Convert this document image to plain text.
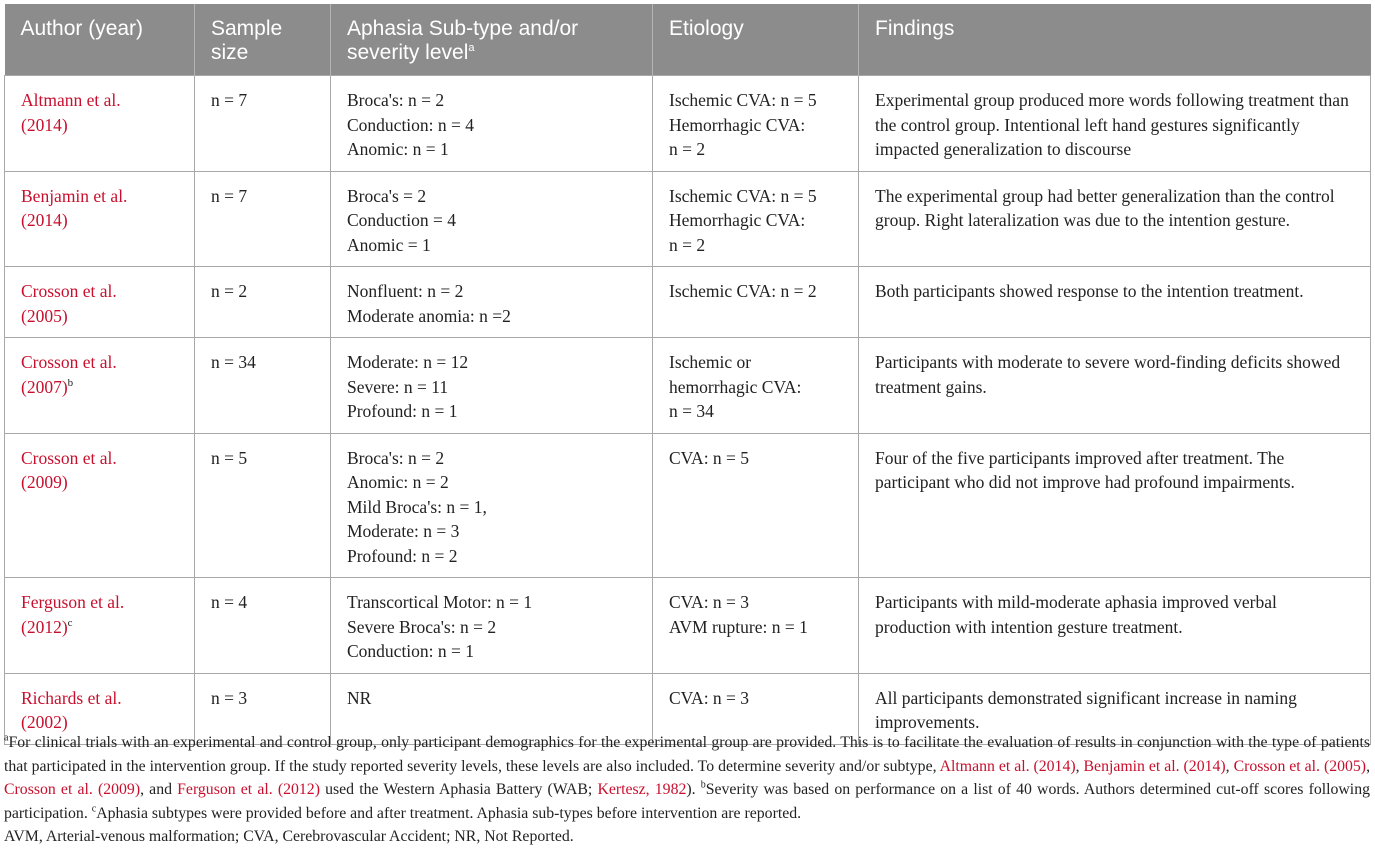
Author (year)	Sample size	Aphasia Sub-type and/or severity level$^a$	Etiology	Findings

Altmann et al.
(2014)	n = 7	Broca's: n = 2
Conduction: n = 4
Anomic: n = 1	Ischemic CVA: n = 5
Hemorrhagic CVA:
n = 2	Experimental group produced more words following treatment than the control group. Intentional left hand gestures significantly impacted generalization to discourse

Benjamin et al.
(2014)	n = 7	Broca's = 2
Conduction = 4
Anomic = 1	Ischemic CVA: n = 5
Hemorrhagic CVA:
n = 2	The experimental group had better generalization than the control group. Right lateralization was due to the intention gesture.

Crosson et al.
(2005)	n = 2	Nonfluent: n = 2
Moderate anomia: n =2	Ischemic CVA: n = 2	Both participants showed response to the intention treatment.

Crosson et al.
$(2007)^b$	n = 34	Moderate: n = 12
Severe: n = 11
Profound: n = 1	Ischemic or
hemorrhagic CVA:
n = 34	Participants with moderate to severe word-finding deficits showed treatment gains.

Crosson et al.
(2009)	n = 5	Broca's: n = 2
Anomic: n = 2
Mild Broca's: n = 1,
Moderate: n = 3
Profound: n = 2	CVA: n = 5	Four of the five participants improved after treatment. The participant who did not improve had profound impairments.

Ferguson et al.
$(2012)^c$	n = 4	Transcortical Motor: n = 1
Severe Broca's: n = 2
Conduction: n = 1	CVA: n = 3
AVM rupture: n = 1	Participants with mild-moderate aphasia improved verbal production with intention gesture treatment.

Richards et al.
(2002)	n = 3	NR	CVA: n = 3	All participants demonstrated significant increase in naming improvements.
$^a$For clinical trials with an experimental and control group, only participant demographics for the experimental group are provided. This is to facilitate the evaluation of results in conjunction with the type of patients that participated in the intervention group. If the study reported severity levels, these levels are also included. To determine severity and/or subtype, Altmann et al. (2014), Benjamin et al. (2014), Crosson et al. (2005), Crosson et al. (2009), and Ferguson et al. (2012) used the Western Aphasia Battery (WAB; Kertesz, 1982). $^b$Severity was based on performance on a list of 40 words. Authors determined cut-off scores following participation. $^c$Aphasia subtypes were provided before and after treatment. Aphasia sub-types before intervention are reported.
AVM, Arterial-venous malformation; CVA, Cerebrovascular Accident; NR, Not Reported.
